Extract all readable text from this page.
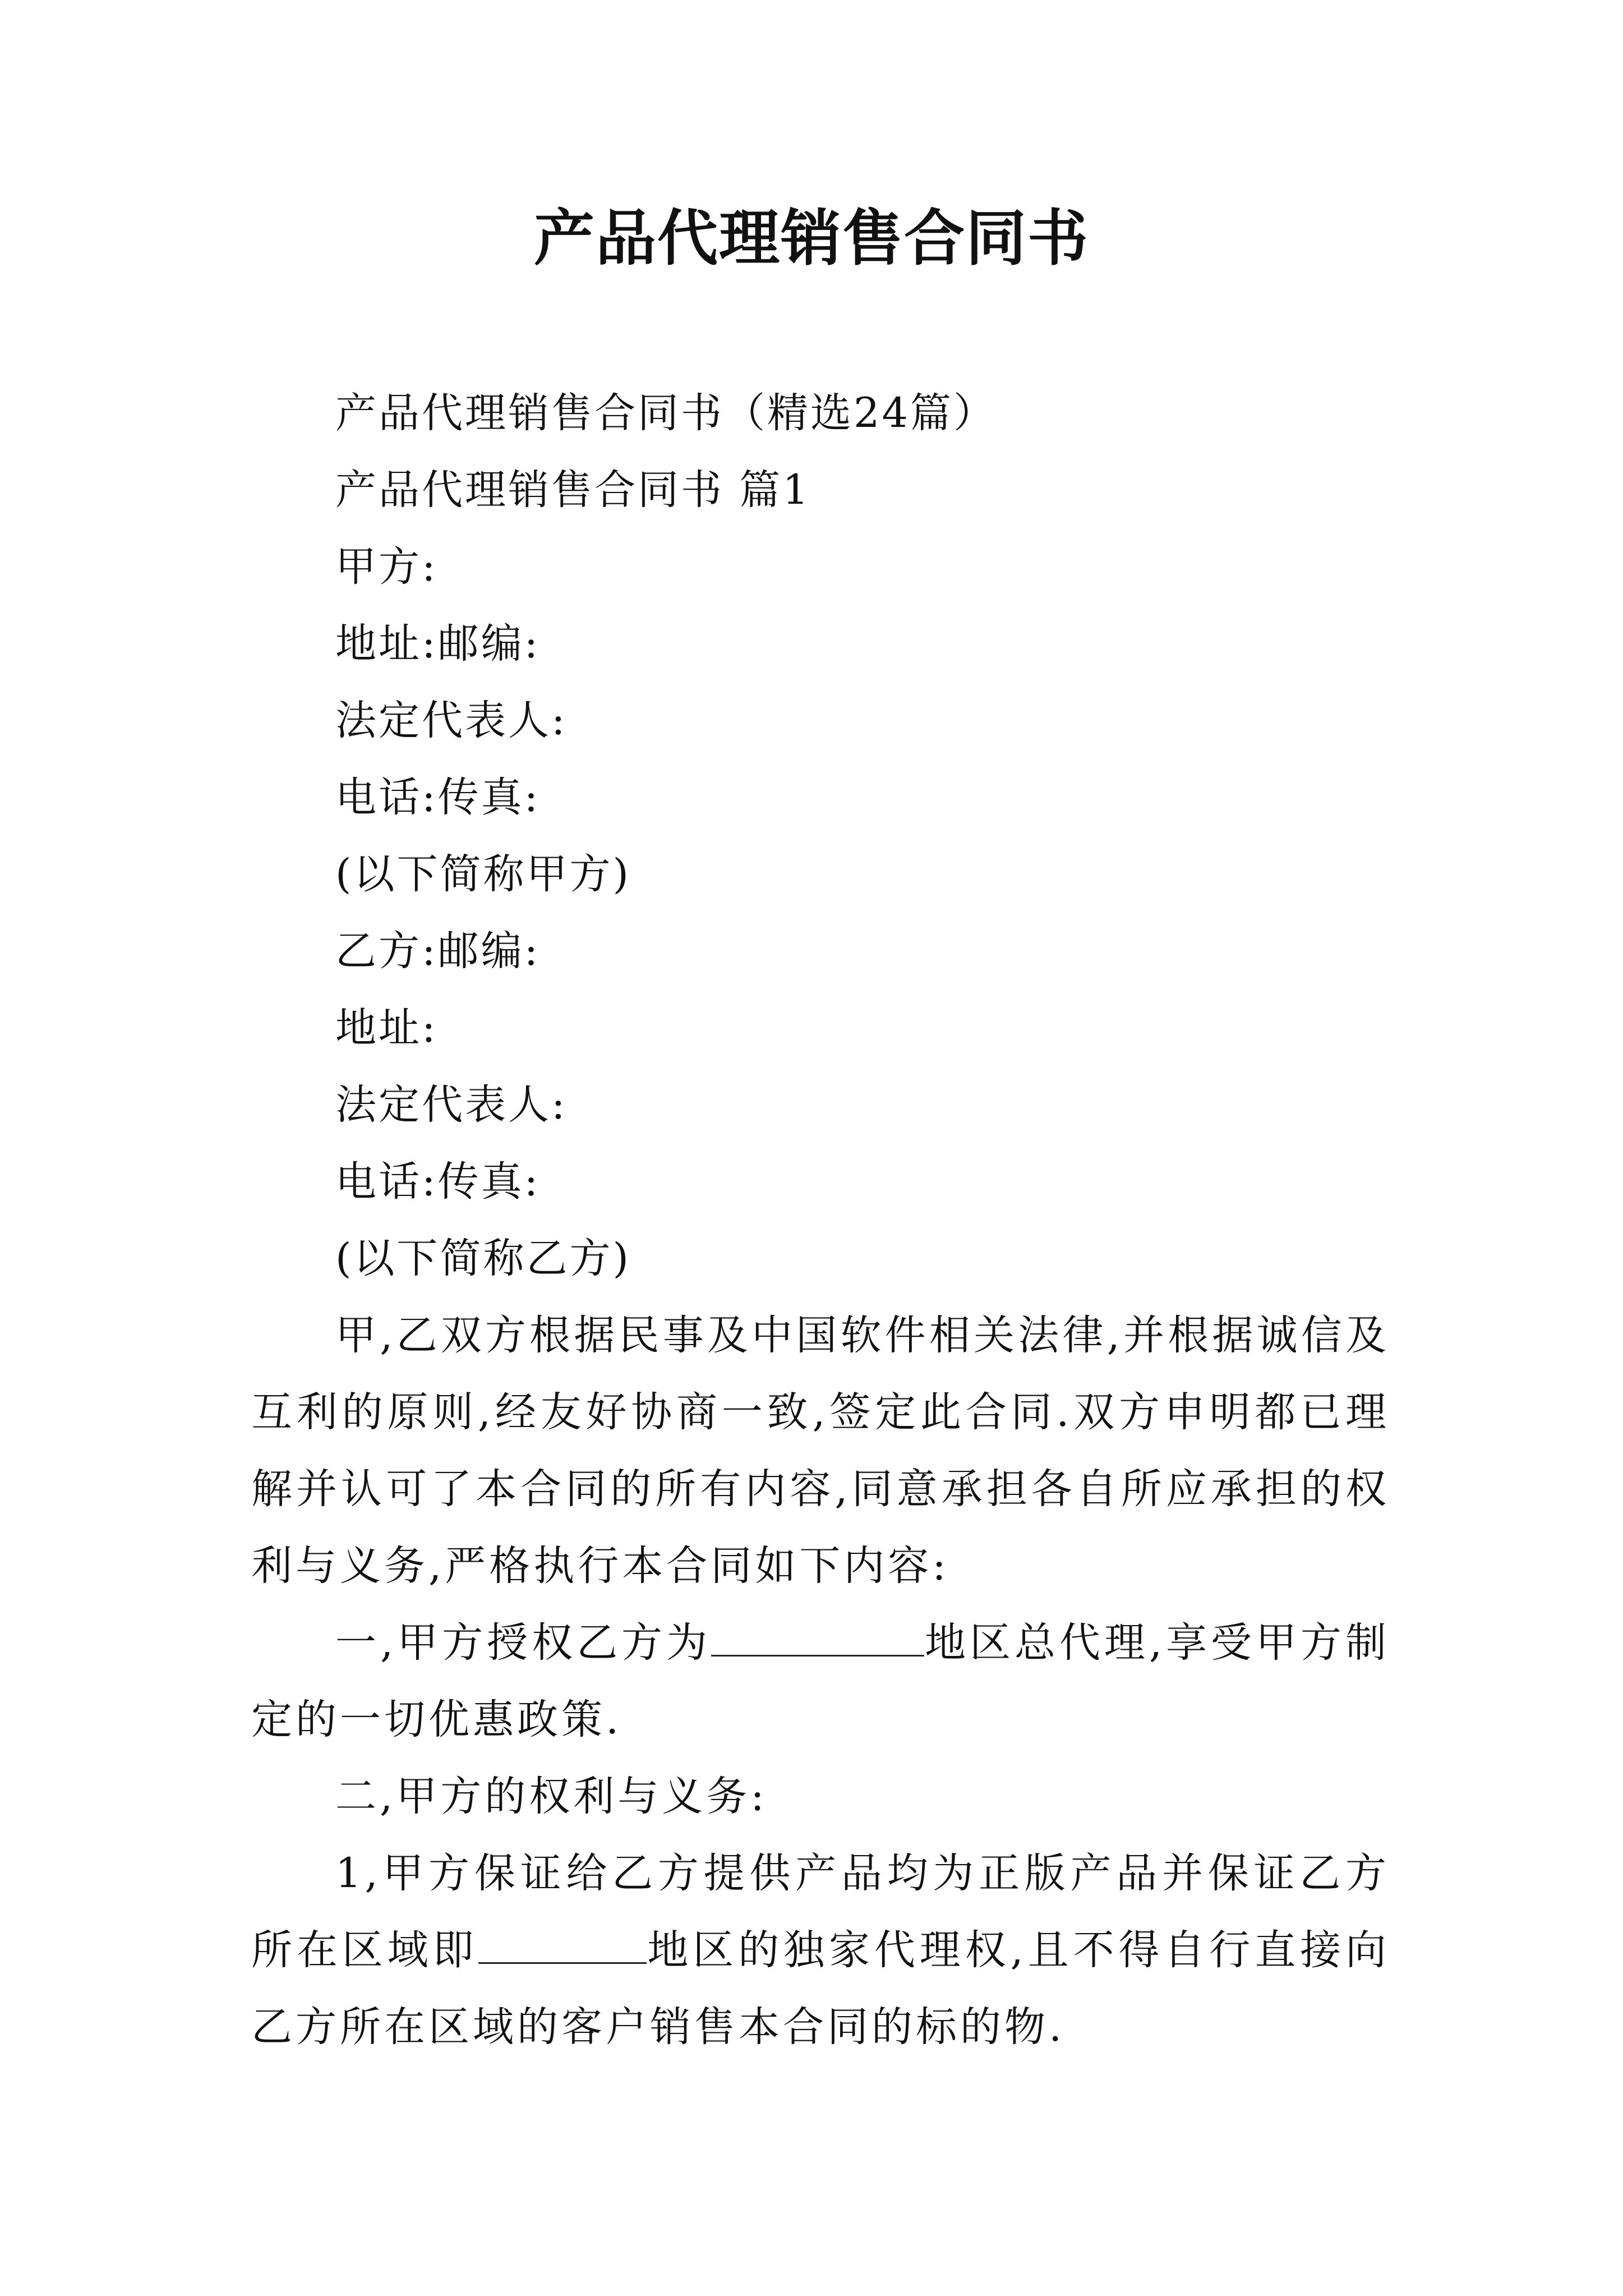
产品代理销售合同书
产品代理销售合同书（精选24篇）
产品代理销售合同书 篇1
甲方:
地址:邮编:
法定代表人:
电话:传真:
(以下简称甲方)
乙方:邮编:
地址:
法定代表人:
电话:传真:
(以下简称乙方)

甲,乙双方根据民事及中国软件相关法律,并根据诚信及互利的原则,经友好协商一致,签定此合同.双方申明都已理解并认可了本合同的所有内容,同意承担各自所应承担的权利与义务,严格执行本合同如下内容:

一,甲方授权乙方为	地区总代理,享受甲方制定的一切优惠政策.

二,甲方的权利与义务:

1,甲方保证给乙方提供产品均为正版产品并保证乙方所在区域即	地区的独家代理权,且不得自行直接向乙方所在区域的客户销售本合同的标的物.
